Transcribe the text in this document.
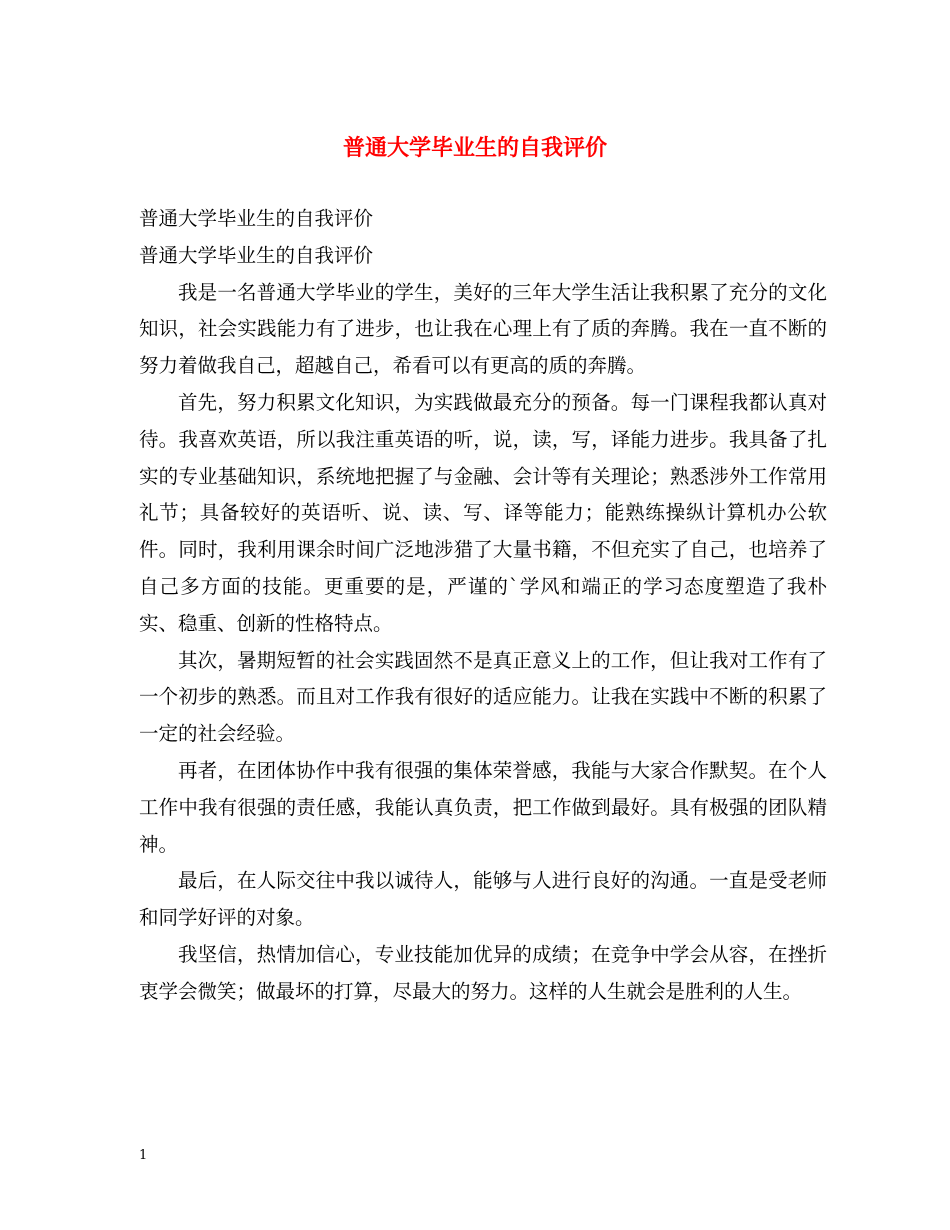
普通大学毕业生的自我评价

普通大学毕业生的自我评价

普通大学毕业生的自我评价

我是一名普通大学毕业的学生，美好的三年大学生活让我积累了充分的文化知识，社会实践能力有了进步，也让我在心理上有了质的奔腾。我在一直不断的努力着做我自己，超越自己，希看可以有更高的质的奔腾。

首先，努力积累文化知识，为实践做最充分的预备。每一门课程我都认真对待。我喜欢英语，所以我注重英语的听，说，读，写，译能力进步。我具备了扎实的专业基础知识，系统地把握了与金融、会计等有关理论；熟悉涉外工作常用礼节；具备较好的英语听、说、读、写、译等能力；能熟练操纵计算机办公软件。同时，我利用课余时间广泛地涉猎了大量书籍，不但充实了自己，也培养了自己多方面的技能。更重要的是，严谨的`学风和端正的学习态度塑造了我朴实、稳重、创新的性格特点。

其次，暑期短暂的社会实践固然不是真正意义上的工作，但让我对工作有了一个初步的熟悉。而且对工作我有很好的适应能力。让我在实践中不断的积累了一定的社会经验。

再者，在团体协作中我有很强的集体荣誉感，我能与大家合作默契。在个人工作中我有很强的责任感，我能认真负责，把工作做到最好。具有极强的团队精神。

最后，在人际交往中我以诚待人，能够与人进行良好的沟通。一直是受老师和同学好评的对象。

我坚信，热情加信心，专业技能加优异的成绩；在竞争中学会从容，在挫折衷学会微笑；做最坏的打算，尽最大的努力。这样的人生就会是胜利的人生。

1
